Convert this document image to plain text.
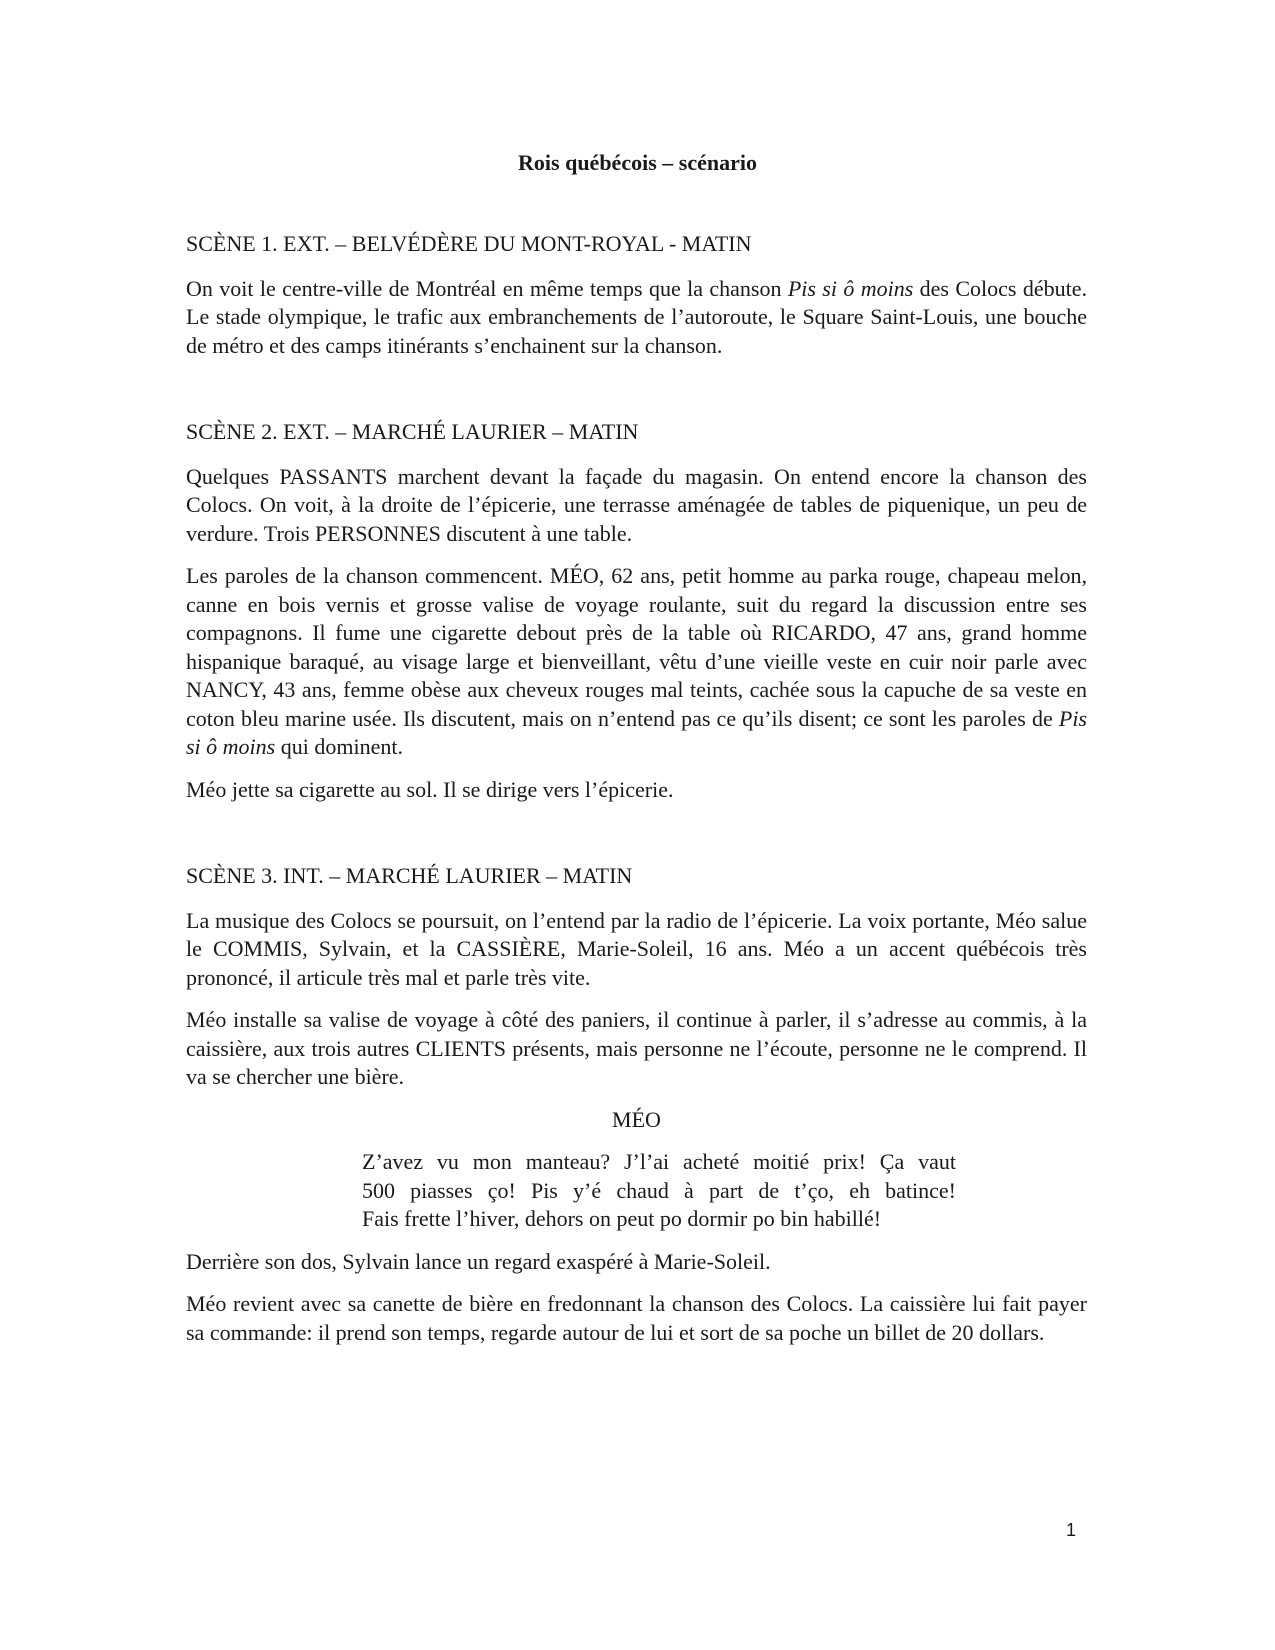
Rois québécois – scénario
SCÈNE 1. EXT. – BELVÉDÈRE DU MONT-ROYAL - MATIN

On voit le centre-ville de Montréal en même temps que la chanson Pis si ô moins des Colocs débute. Le stade olympique, le trafic aux embranchements de l’autoroute, le Square Saint-Louis, une bouche de métro et des camps itinérants s’enchainent sur la chanson.

SCÈNE 2. EXT. – MARCHÉ LAURIER – MATIN

Quelques PASSANTS marchent devant la façade du magasin. On entend encore la chanson des Colocs. On voit, à la droite de l’épicerie, une terrasse aménagée de tables de piquenique, un peu de verdure. Trois PERSONNES discutent à une table.

Les paroles de la chanson commencent. MÉO, 62 ans, petit homme au parka rouge, chapeau melon, canne en bois vernis et grosse valise de voyage roulante, suit du regard la discussion entre ses compagnons. Il fume une cigarette debout près de la table où RICARDO, 47 ans, grand homme hispanique baraqué, au visage large et bienveillant, vêtu d’une vieille veste en cuir noir parle avec NANCY, 43 ans, femme obèse aux cheveux rouges mal teints, cachée sous la capuche de sa veste en coton bleu marine usée. Ils discutent, mais on n’entend pas ce qu’ils disent; ce sont les paroles de Pis si ô moins qui dominent.

Méo jette sa cigarette au sol. Il se dirige vers l’épicerie.

SCÈNE 3. INT. – MARCHÉ LAURIER – MATIN

La musique des Colocs se poursuit, on l’entend par la radio de l’épicerie. La voix portante, Méo salue le COMMIS, Sylvain, et la CASSIÈRE, Marie-Soleil, 16 ans. Méo a un accent québécois très prononcé, il articule très mal et parle très vite.

Méo installe sa valise de voyage à côté des paniers, il continue à parler, il s’adresse au commis, à la caissière, aux trois autres CLIENTS présents, mais personne ne l’écoute, personne ne le comprend. Il va se chercher une bière.

MÉO
Z’avez vu mon manteau? J’l’ai acheté moitié prix! Ça vaut
500 piasses ço! Pis y’é chaud à part de t’ço, eh batince!
Fais frette l’hiver, dehors on peut po dormir po bin habillé!

Derrière son dos, Sylvain lance un regard exaspéré à Marie-Soleil.

Méo revient avec sa canette de bière en fredonnant la chanson des Colocs. La caissière lui fait payer sa commande: il prend son temps, regarde autour de lui et sort de sa poche un billet de 20 dollars.

1
